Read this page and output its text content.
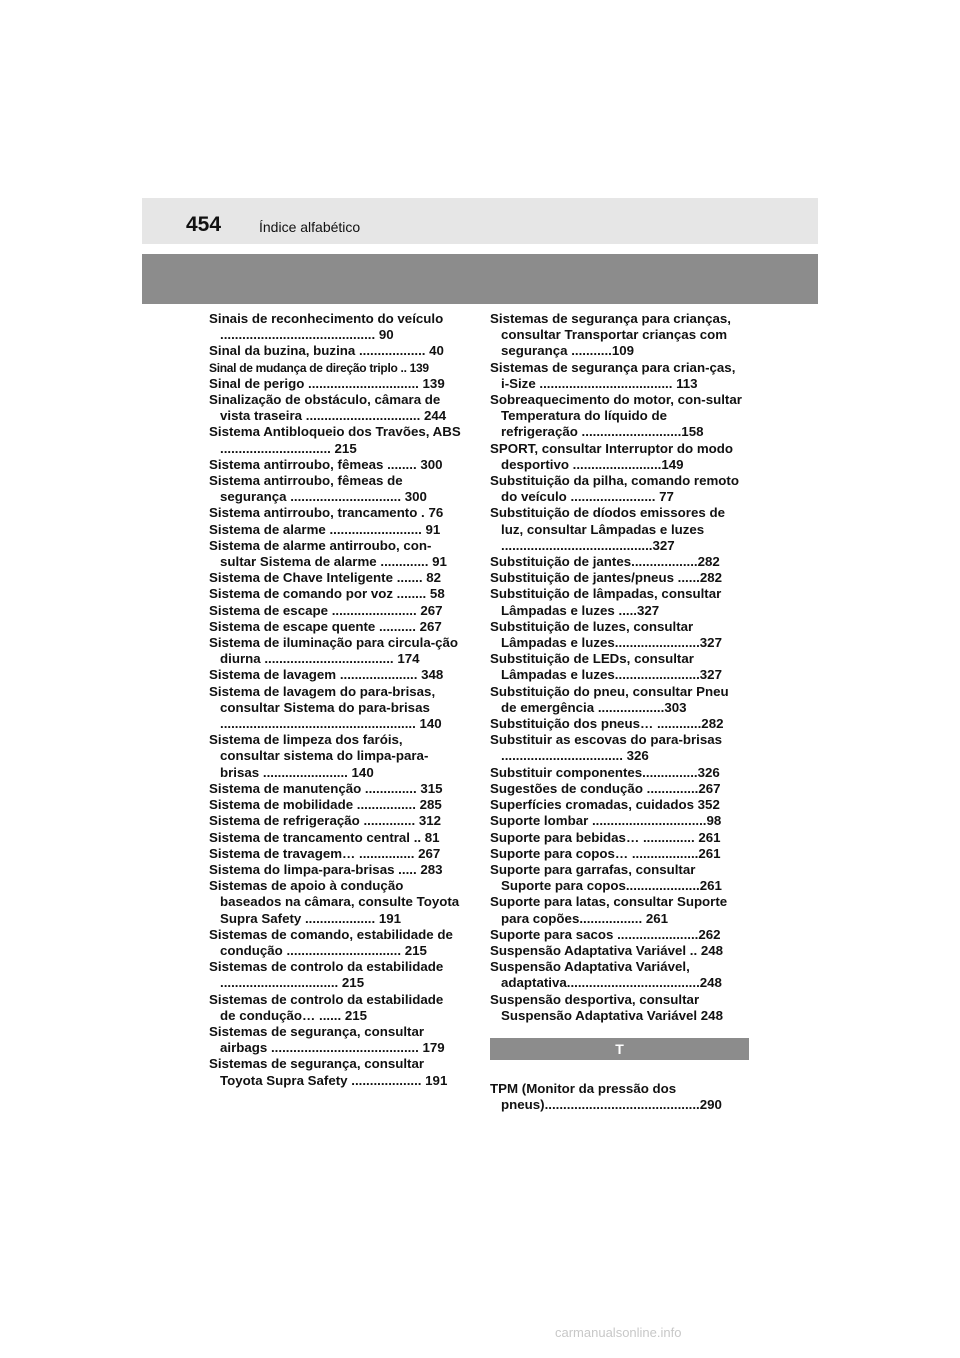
454	Índice alfabético
Sinais de reconhecimento do veículo .......................................... 90
Sinal da buzina, buzina .................. 40
Sinal de mudança de direção triplo .. 139
Sinal de perigo .............................. 139
Sinalização de obstáculo, câmara de vista traseira ............................... 244
Sistema Antibloqueio dos Travões, ABS .............................. 215
Sistema antirroubo, fêmeas ........ 300
Sistema antirroubo, fêmeas de segurança .............................. 300
Sistema antirroubo, trancamento . 76
Sistema de alarme ......................... 91
Sistema de alarme antirroubo, con-sultar Sistema de alarme ............. 91
Sistema de Chave Inteligente ....... 82
Sistema de comando por voz ........ 58
Sistema de escape ....................... 267
Sistema de escape quente .......... 267
Sistema de iluminação para circula-ção diurna ................................... 174
Sistema de lavagem ..................... 348
Sistema de lavagem do para-brisas, consultar Sistema do para-brisas ..................................................... 140
Sistema de limpeza dos faróis, consultar sistema do limpa-para-brisas ....................... 140
Sistema de manutenção .............. 315
Sistema de mobilidade ................ 285
Sistema de refrigeração .............. 312
Sistema de trancamento central .. 81
Sistema de travagem… ............... 267
Sistema do limpa-para-brisas ..... 283
Sistemas de apoio à condução baseados na câmara, consulte Toyota Supra Safety ................... 191
Sistemas de comando, estabilidade de condução ............................... 215
Sistemas de controlo da estabilidade ................................ 215
Sistemas de controlo da estabilidade de condução… ...... 215
Sistemas de segurança, consultar airbags ........................................ 179
Sistemas de segurança, consultar Toyota Supra Safety ................... 191
Sistemas de segurança para crianças, consultar Transportar crianças com segurança ...........109
Sistemas de segurança para crian-ças, i-Size .................................... 113
Sobreaquecimento do motor, con-sultar Temperatura do líquido de refrigeração ...........................158
SPORT, consultar Interruptor do modo desportivo ........................149
Substituição da pilha, comando remoto do veículo ....................... 77
Substituição de díodos emissores de luz, consultar Lâmpadas e luzes .........................................327
Substituição de jantes..................282
Substituição de jantes/pneus ......282
Substituição de lâmpadas, consultar Lâmpadas e luzes .....327
Substituição de luzes, consultar Lâmpadas e luzes.......................327
Substituição de LEDs, consultar Lâmpadas e luzes.......................327
Substituição do pneu, consultar Pneu de emergência ..................303
Substituição dos pneus… ............282
Substituir as escovas do para-brisas ................................. 326
Substituir componentes...............326
Sugestões de condução ..............267
Superfícies cromadas, cuidados 352
Suporte lombar ...............................98
Suporte para bebidas… .............. 261
Suporte para copos… ..................261
Suporte para garrafas, consultar Suporte para copos....................261
Suporte para latas, consultar Suporte para copões................. 261
Suporte para sacos ......................262
Suspensão Adaptativa Variável .. 248
Suspensão Adaptativa Variável, adaptativa....................................248
Suspensão desportiva, consultar Suspensão Adaptativa Variável 248
T
TPM (Monitor da pressão dos pneus)..........................................290
carmanualsonline.info
